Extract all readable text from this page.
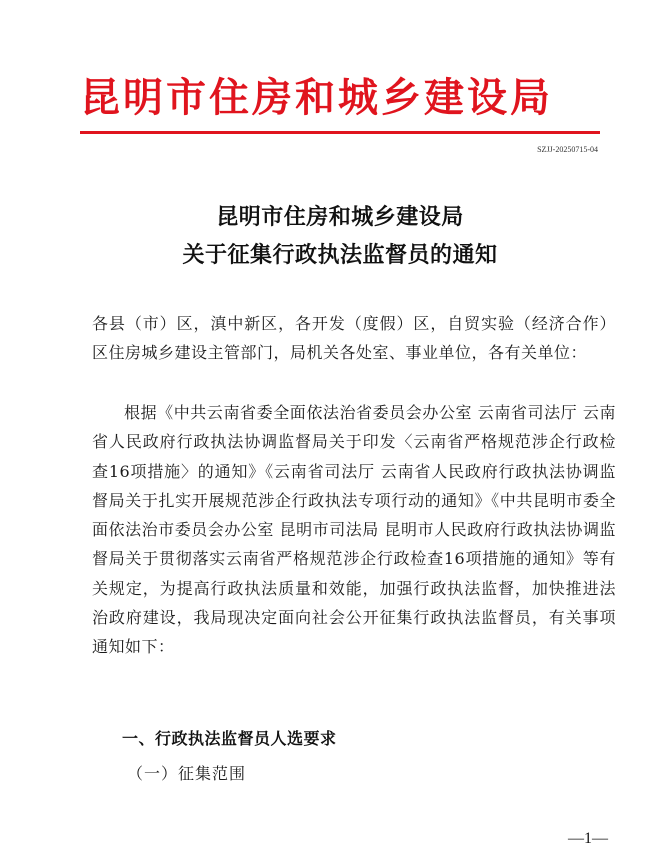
昆明市住房和城乡建设局
SZJJ-20250715-04
昆明市住房和城乡建设局
关于征集行政执法监督员的通知
各县（市）区，滇中新区，各开发（度假）区，自贸实验（经济合作）区住房城乡建设主管部门，局机关各处室、事业单位，各有关单位：
根据《中共云南省委全面依法治省委员会办公室 云南省司法厅 云南省人民政府行政执法协调监督局关于印发〈云南省严格规范涉企行政检查16项措施〉的通知》《云南省司法厅 云南省人民政府行政执法协调监督局关于扎实开展规范涉企行政执法专项行动的通知》《中共昆明市委全面依法治市委员会办公室 昆明市司法局 昆明市人民政府行政执法协调监督局关于贯彻落实云南省严格规范涉企行政检查16项措施的通知》等有关规定，为提高行政执法质量和效能，加强行政执法监督，加快推进法治政府建设，我局现决定面向社会公开征集行政执法监督员，有关事项通知如下：
一、行政执法监督员人选要求
（一）征集范围
—1—
